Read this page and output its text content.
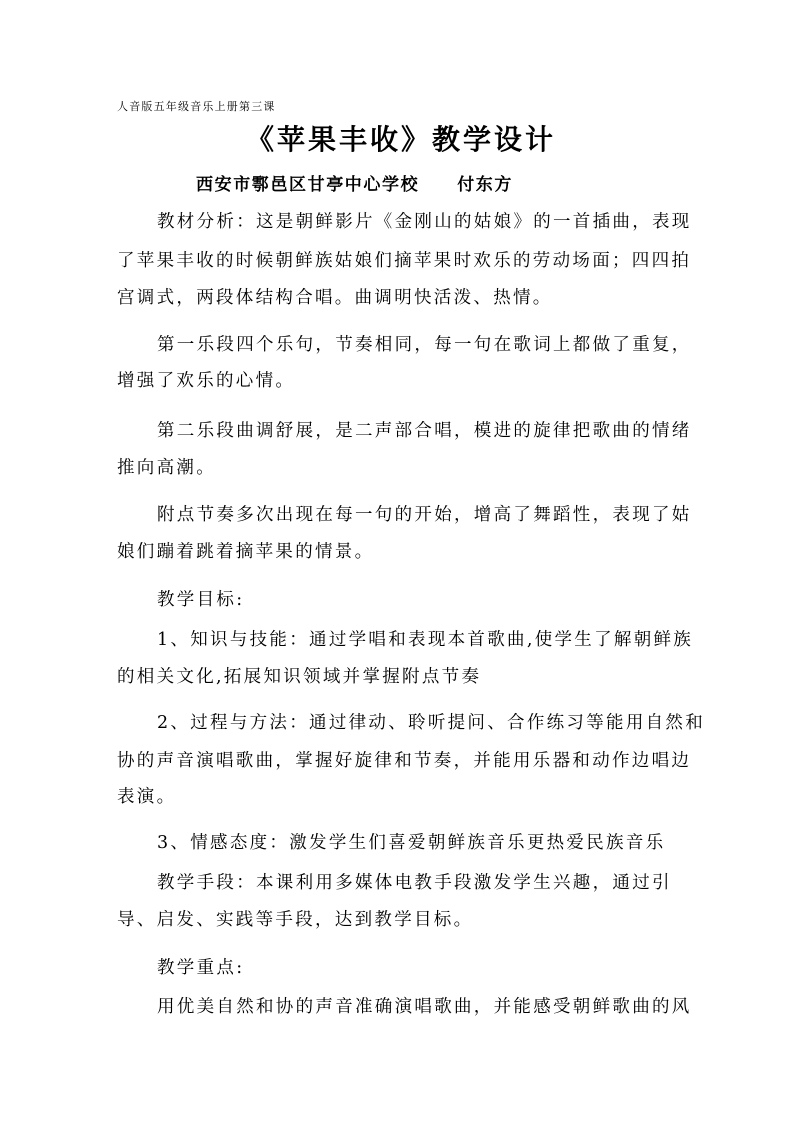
人音版五年级音乐上册第三课
《苹果丰收》教学设计
西安市鄠邑区甘亭中心学校 付东方
教材分析：这是朝鲜影片《金刚山的姑娘》的一首插曲，表现
了苹果丰收的时候朝鲜族姑娘们摘苹果时欢乐的劳动场面；四四拍
宫调式，两段体结构合唱。曲调明快活泼、热情。
第一乐段四个乐句，节奏相同，每一句在歌词上都做了重复，
增强了欢乐的心情。
第二乐段曲调舒展，是二声部合唱，模进的旋律把歌曲的情绪
推向高潮。
附点节奏多次出现在每一句的开始，增高了舞蹈性，表现了姑
娘们蹦着跳着摘苹果的情景。
教学目标:
1、知识与技能：通过学唱和表现本首歌曲,使学生了解朝鲜族
的相关文化,拓展知识领域并掌握附点节奏
2、过程与方法：通过律动、聆听提问、合作练习等能用自然和
协的声音演唱歌曲，掌握好旋律和节奏，并能用乐器和动作边唱边
表演。
3、情感态度：激发学生们喜爱朝鲜族音乐更热爱民族音乐
教学手段：本课利用多媒体电教手段激发学生兴趣，通过引
导、启发、实践等手段，达到教学目标。
教学重点:
用优美自然和协的声音准确演唱歌曲，并能感受朝鲜歌曲的风
